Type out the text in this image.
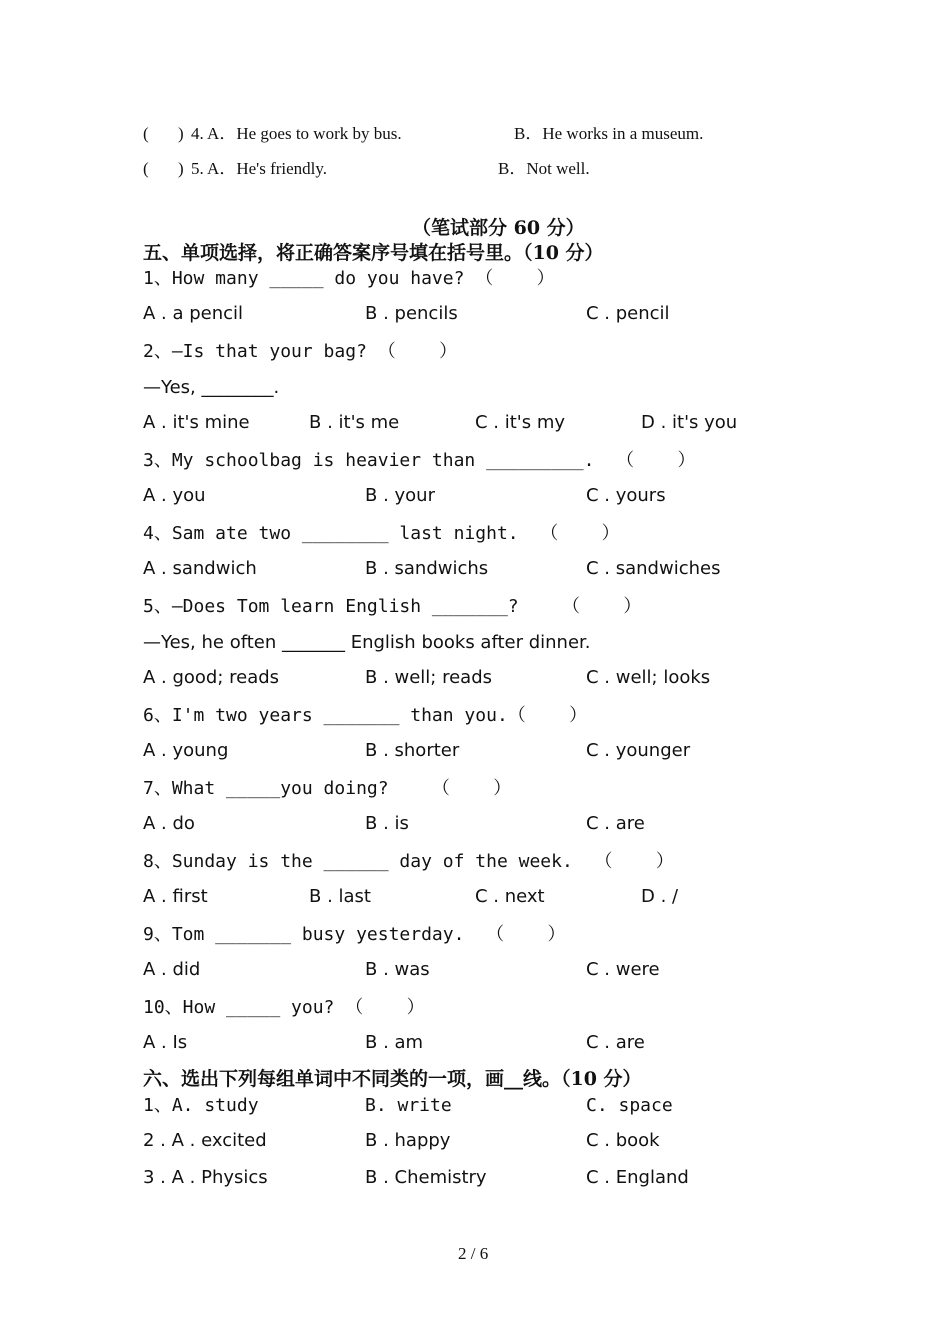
( ) 4. A．He goes to work by bus.	B．He works in a museum.
( ) 5. A．He's friendly.	B．Not well.
（笔试部分 60 分）
五、单项选择，将正确答案序号填在括号里。（10 分）
1、How many _____ do you have? （    ）
A . a pencil	B . pencils	C . pencil
2、—Is that your bag? （    ）
—Yes, ________.
A . it's mine	B . it's me	C . it's my	D . it's you
3、My schoolbag is heavier than _________.  （    ）
A . you	B . your	C . yours
4、Sam ate two ________ last night.  （    ）
A . sandwich	B . sandwichs	C . sandwiches
5、—Does Tom learn English _______?    （    ）
—Yes, he often _______ English books after dinner.
A . good; reads	B . well; reads	C . well; looks
6、I'm two years _______ than you.（    ）
A . young	B . shorter	C . younger
7、What _____you doing?    （    ）
A . do	B . is	C . are
8、Sunday is the ______ day of the week.  （    ）
A . first	B . last	C . next	D . /
9、Tom _______ busy yesterday.  （    ）
A . did	B . was	C . were
10、How _____ you? （    ）
A . Is	B . am	C . are
六、选出下列每组单词中不同类的一项，画__线。（10 分）
1、A. study	B. write	C. space
2 . A . excited	B . happy	C . book
3 . A . Physics	B . Chemistry	C . England
2 / 6
